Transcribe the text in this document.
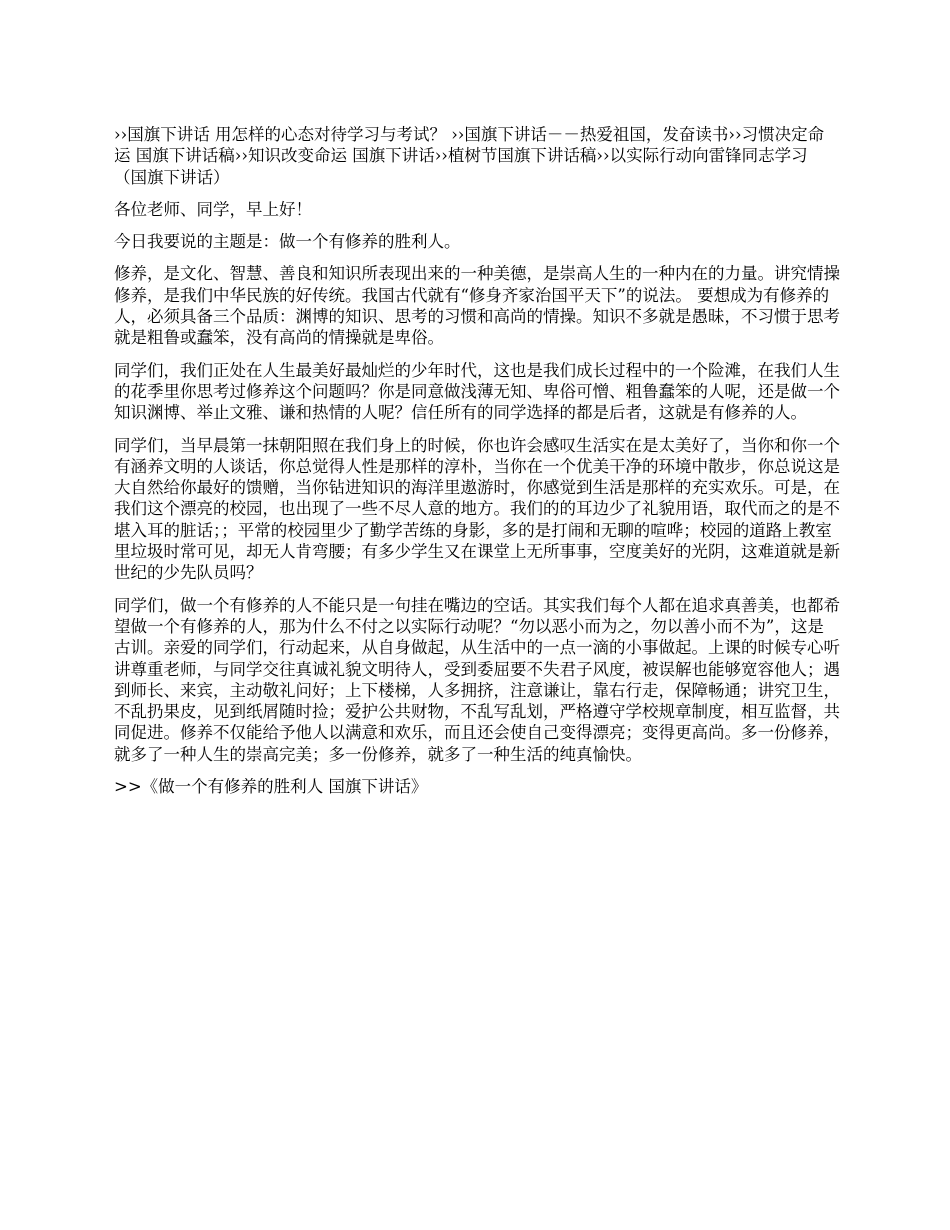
››国旗下讲话 用怎样的心态对待学习与考试？ ››国旗下讲话－－热爱祖国，发奋读书››习惯决定命运 国旗下讲话稿››知识改变命运 国旗下讲话››植树节国旗下讲话稿››以实际行动向雷锋同志学习（国旗下讲话）

各位老师、同学，早上好！

今日我要说的主题是：做一个有修养的胜利人。

修养，是文化、智慧、善良和知识所表现出来的一种美德，是崇高人生的一种内在的力量。讲究情操修养，是我们中华民族的好传统。我国古代就有“修身齐家治国平天下”的说法。 要想成为有修养的人，必须具备三个品质：渊博的知识、思考的习惯和高尚的情操。知识不多就是愚昧，不习惯于思考就是粗鲁或蠢笨，没有高尚的情操就是卑俗。

同学们，我们正处在人生最美好最灿烂的少年时代，这也是我们成长过程中的一个险滩，在我们人生的花季里你思考过修养这个问题吗？你是同意做浅薄无知、卑俗可憎、粗鲁蠢笨的人呢，还是做一个知识渊博、举止文雅、谦和热情的人呢？信任所有的同学选择的都是后者，这就是有修养的人。

同学们，当早晨第一抹朝阳照在我们身上的时候，你也许会感叹生活实在是太美好了，当你和你一个有涵养文明的人谈话，你总觉得人性是那样的淳朴，当你在一个优美干净的环境中散步，你总说这是大自然给你最好的馈赠，当你钻进知识的海洋里遨游时，你感觉到生活是那样的充实欢乐。可是，在我们这个漂亮的校园，也出现了一些不尽人意的地方。我们的的耳边少了礼貌用语，取代而之的是不堪入耳的脏话；；平常的校园里少了勤学苦练的身影，多的是打闹和无聊的喧哗；校园的道路上教室里垃圾时常可见，却无人肯弯腰；有多少学生又在课堂上无所事事，空度美好的光阴，这难道就是新世纪的少先队员吗？

同学们，做一个有修养的人不能只是一句挂在嘴边的空话。其实我们每个人都在追求真善美，也都希望做一个有修养的人，那为什么不付之以实际行动呢？“勿以恶小而为之，勿以善小而不为”，这是古训。亲爱的同学们，行动起来，从自身做起，从生活中的一点一滴的小事做起。上课的时候专心听讲尊重老师，与同学交往真诚礼貌文明待人，受到委屈要不失君子风度，被误解也能够宽容他人；遇到师长、来宾，主动敬礼问好；上下楼梯，人多拥挤，注意谦让，靠右行走，保障畅通；讲究卫生，不乱扔果皮，见到纸屑随时捡；爱护公共财物，不乱写乱划，严格遵守学校规章制度，相互监督，共同促进。修养不仅能给予他人以满意和欢乐，而且还会使自己变得漂亮；变得更高尚。多一份修养，就多了一种人生的崇高完美；多一份修养，就多了一种生活的纯真愉快。

>>《做一个有修养的胜利人 国旗下讲话》
